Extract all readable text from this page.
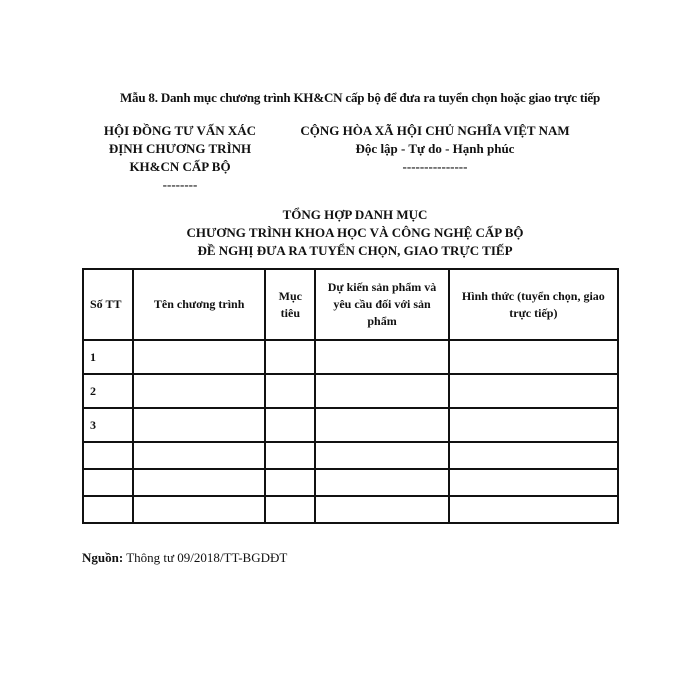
Mẫu 8. Danh mục chương trình KH&CN cấp bộ để đưa ra tuyển chọn hoặc giao trực tiếp
HỘI ĐỒNG TƯ VẤN XÁC
ĐỊNH CHƯƠNG TRÌNH
KH&CN CẤP BỘ
--------
CỘNG HÒA XÃ HỘI CHỦ NGHĨA VIỆT NAM
Độc lập - Tự do - Hạnh phúc
---------------
TỔNG HỢP DANH MỤC
CHƯƠNG TRÌNH KHOA HỌC VÀ CÔNG NGHỆ CẤP BỘ
ĐỀ NGHỊ ĐƯA RA TUYỂN CHỌN, GIAO TRỰC TIẾP
Số TT	Tên chương trình	Mục tiêu	Dự kiến sản phẩm và yêu cầu đối với sản phẩm	Hình thức (tuyển chọn, giao trực tiếp)
1				
2				
3				

Nguồn: Thông tư 09/2018/TT-BGDĐT
